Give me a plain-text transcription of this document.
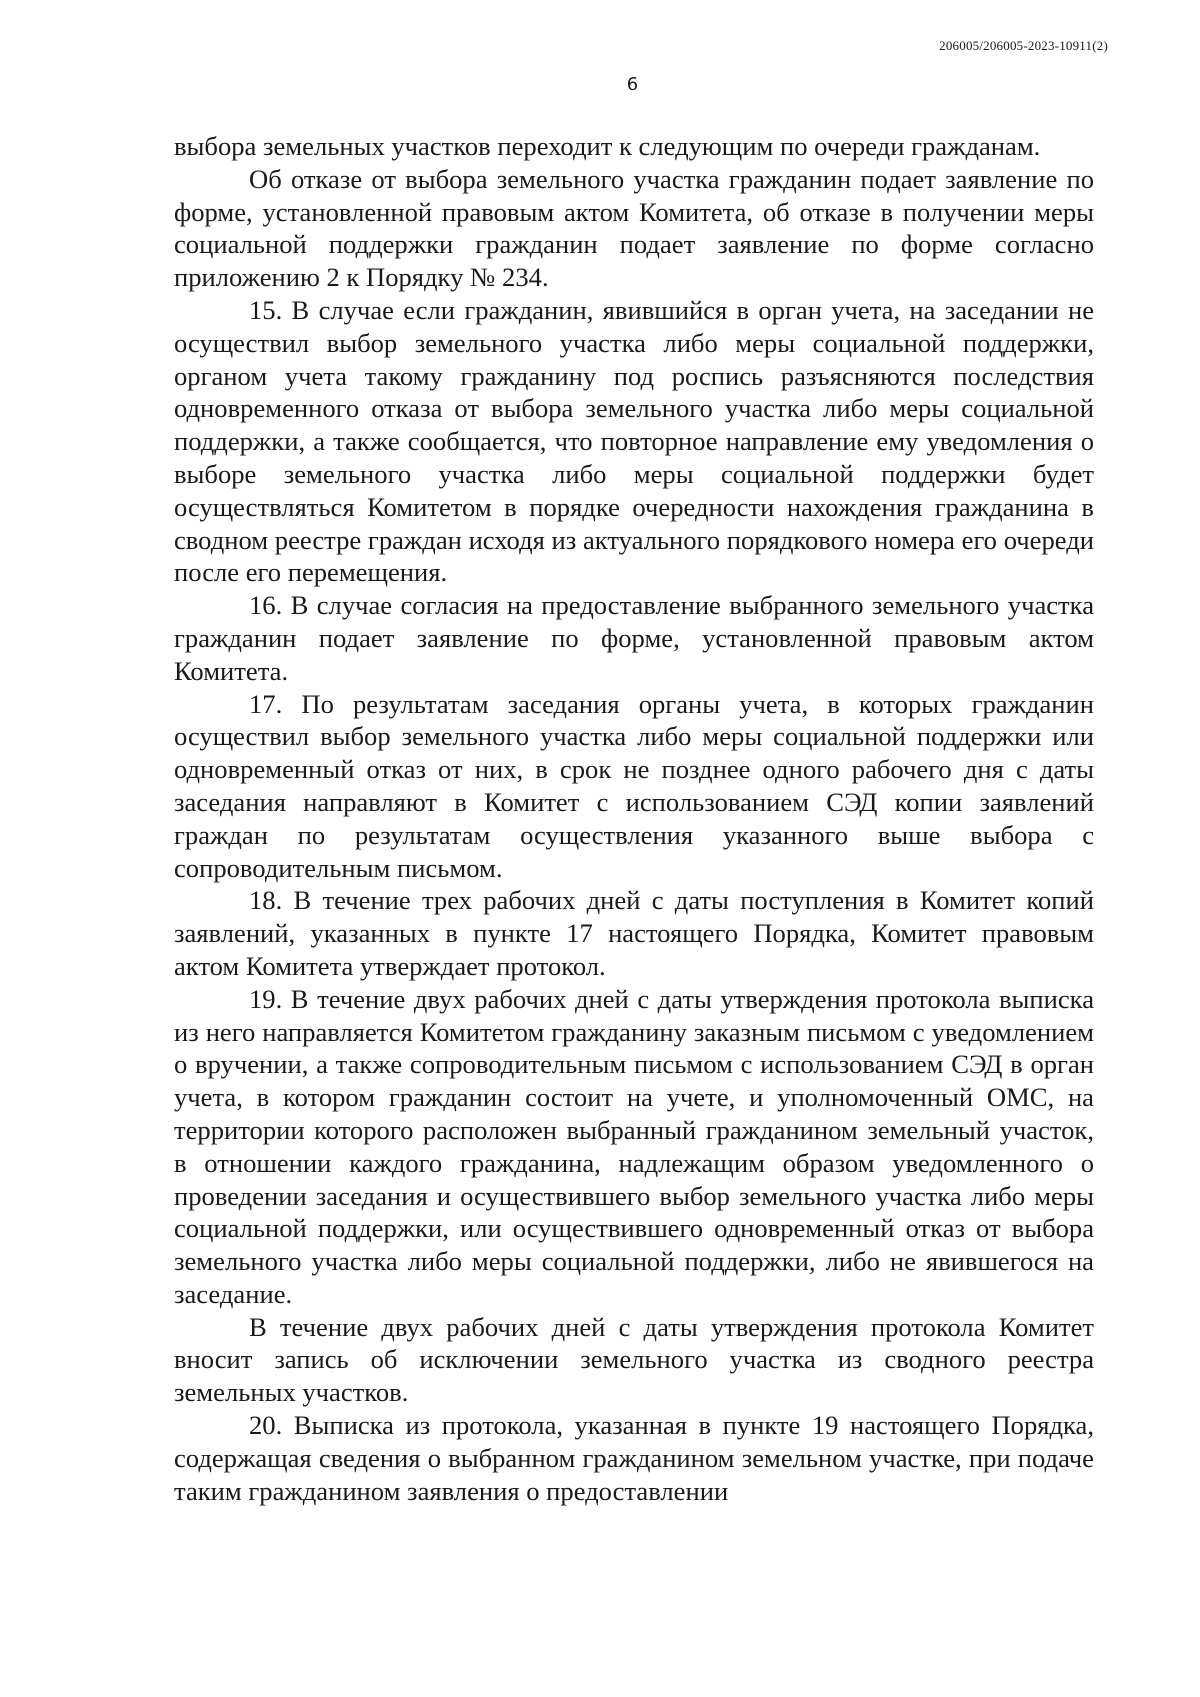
206005/206005-2023-10911(2)
6

выбора земельных участков переходит к следующим по очереди гражданам.

Об отказе от выбора земельного участка гражданин подает заявление по форме, установленной правовым актом Комитета, об отказе в получении меры социальной поддержки гражданин подает заявление по форме согласно приложению 2 к Порядку № 234.

15. В случае если гражданин, явившийся в орган учета, на заседании не осуществил выбор земельного участка либо меры социальной поддержки, органом учета такому гражданину под роспись разъясняются последствия одновременного отказа от выбора земельного участка либо меры социальной поддержки, а также сообщается, что повторное направление ему уведомления о выборе земельного участка либо меры социальной поддержки будет осуществляться Комитетом в порядке очередности нахождения гражданина в сводном реестре граждан исходя из актуального порядкового номера его очереди после его перемещения.

16. В случае согласия на предоставление выбранного земельного участка гражданин подает заявление по форме, установленной правовым актом Комитета.

17. По результатам заседания органы учета, в которых гражданин осуществил выбор земельного участка либо меры социальной поддержки или одновременный отказ от них, в срок не позднее одного рабочего дня с даты заседания направляют в Комитет с использованием СЭД копии заявлений граждан по результатам осуществления указанного выше выбора с сопроводительным письмом.

18. В течение трех рабочих дней с даты поступления в Комитет копий заявлений, указанных в пункте 17 настоящего Порядка, Комитет правовым актом Комитета утверждает протокол.

19. В течение двух рабочих дней с даты утверждения протокола выписка из него направляется Комитетом гражданину заказным письмом с уведомлением о вручении, а также сопроводительным письмом с использованием СЭД в орган учета, в котором гражданин состоит на учете, и уполномоченный ОМС, на территории которого расположен выбранный гражданином земельный участок, в отношении каждого гражданина, надлежащим образом уведомленного о проведении заседания и осуществившего выбор земельного участка либо меры социальной поддержки, или осуществившего одновременный отказ от выбора земельного участка либо меры социальной поддержки, либо не явившегося на заседание.

В течение двух рабочих дней с даты утверждения протокола Комитет вносит запись об исключении земельного участка из сводного реестра земельных участков.

20. Выписка из протокола, указанная в пункте 19 настоящего Порядка, содержащая сведения о выбранном гражданином земельном участке, при подаче таким гражданином заявления о предоставлении
